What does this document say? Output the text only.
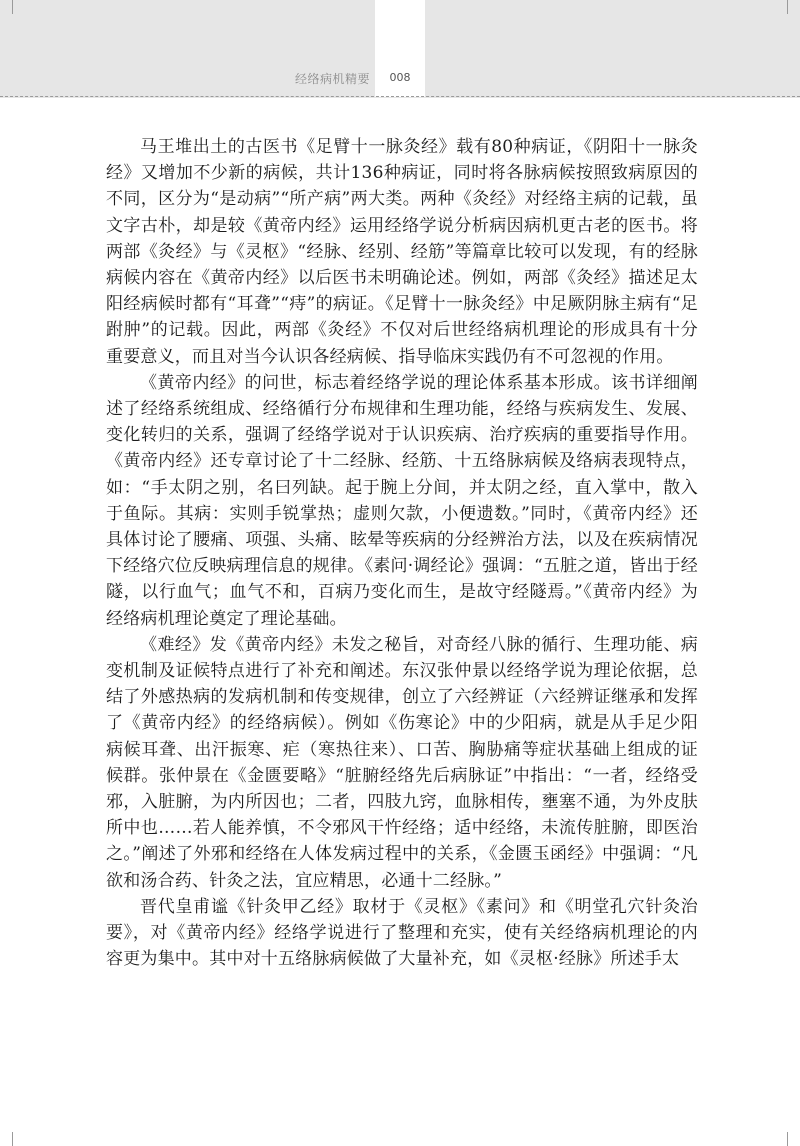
经络病机精要	008

马王堆出土的古医书《足臂十一脉灸经》载有80种病证，《阴阳十一脉灸经》又增加不少新的病候，共计136种病证，同时将各脉病候按照致病原因的不同，区分为“是动病”“所产病”两大类。两种《灸经》对经络主病的记载，虽文字古朴，却是较《黄帝内经》运用经络学说分析病因病机更古老的医书。将两部《灸经》与《灵枢》“经脉、经别、经筋”等篇章比较可以发现，有的经脉病候内容在《黄帝内经》以后医书未明确论述。例如，两部《灸经》描述足太阳经病候时都有“耳聋”“痔”的病证。《足臂十一脉灸经》中足厥阴脉主病有“足跗肿”的记载。因此，两部《灸经》不仅对后世经络病机理论的形成具有十分重要意义，而且对当今认识各经病候、指导临床实践仍有不可忽视的作用。

《黄帝内经》的问世，标志着经络学说的理论体系基本形成。该书详细阐述了经络系统组成、经络循行分布规律和生理功能，经络与疾病发生、发展、变化转归的关系，强调了经络学说对于认识疾病、治疗疾病的重要指导作用。《黄帝内经》还专章讨论了十二经脉、经筋、十五络脉病候及络病表现特点，如：“手太阴之别，名曰列缺。起于腕上分间，并太阴之经，直入掌中，散入于鱼际。其病：实则手锐掌热；虚则欠款，小便遗数。”同时，《黄帝内经》还具体讨论了腰痛、项强、头痛、眩晕等疾病的分经辨治方法，以及在疾病情况下经络穴位反映病理信息的规律。《素问·调经论》强调：“五脏之道，皆出于经隧，以行血气；血气不和，百病乃变化而生，是故守经隧焉。”《黄帝内经》为经络病机理论奠定了理论基础。

《难经》发《黄帝内经》未发之秘旨，对奇经八脉的循行、生理功能、病变机制及证候特点进行了补充和阐述。东汉张仲景以经络学说为理论依据，总结了外感热病的发病机制和传变规律，创立了六经辨证（六经辨证继承和发挥了《黄帝内经》的经络病候）。例如《伤寒论》中的少阳病，就是从手足少阳病候耳聋、出汗振寒、疟（寒热往来）、口苦、胸胁痛等症状基础上组成的证候群。张仲景在《金匮要略》“脏腑经络先后病脉证”中指出：“一者，经络受邪，入脏腑，为内所因也；二者，四肢九窍，血脉相传，壅塞不通，为外皮肤所中也……若人能养慎，不令邪风干忤经络；适中经络，未流传脏腑，即医治之。”阐述了外邪和经络在人体发病过程中的关系，《金匮玉函经》中强调：“凡欲和汤合药、针灸之法，宜应精思，必通十二经脉。”

晋代皇甫谧《针灸甲乙经》取材于《灵枢》《素问》和《明堂孔穴针灸治要》，对《黄帝内经》经络学说进行了整理和充实，使有关经络病机理论的内容更为集中。其中对十五络脉病候做了大量补充，如《灵枢·经脉》所述手太
